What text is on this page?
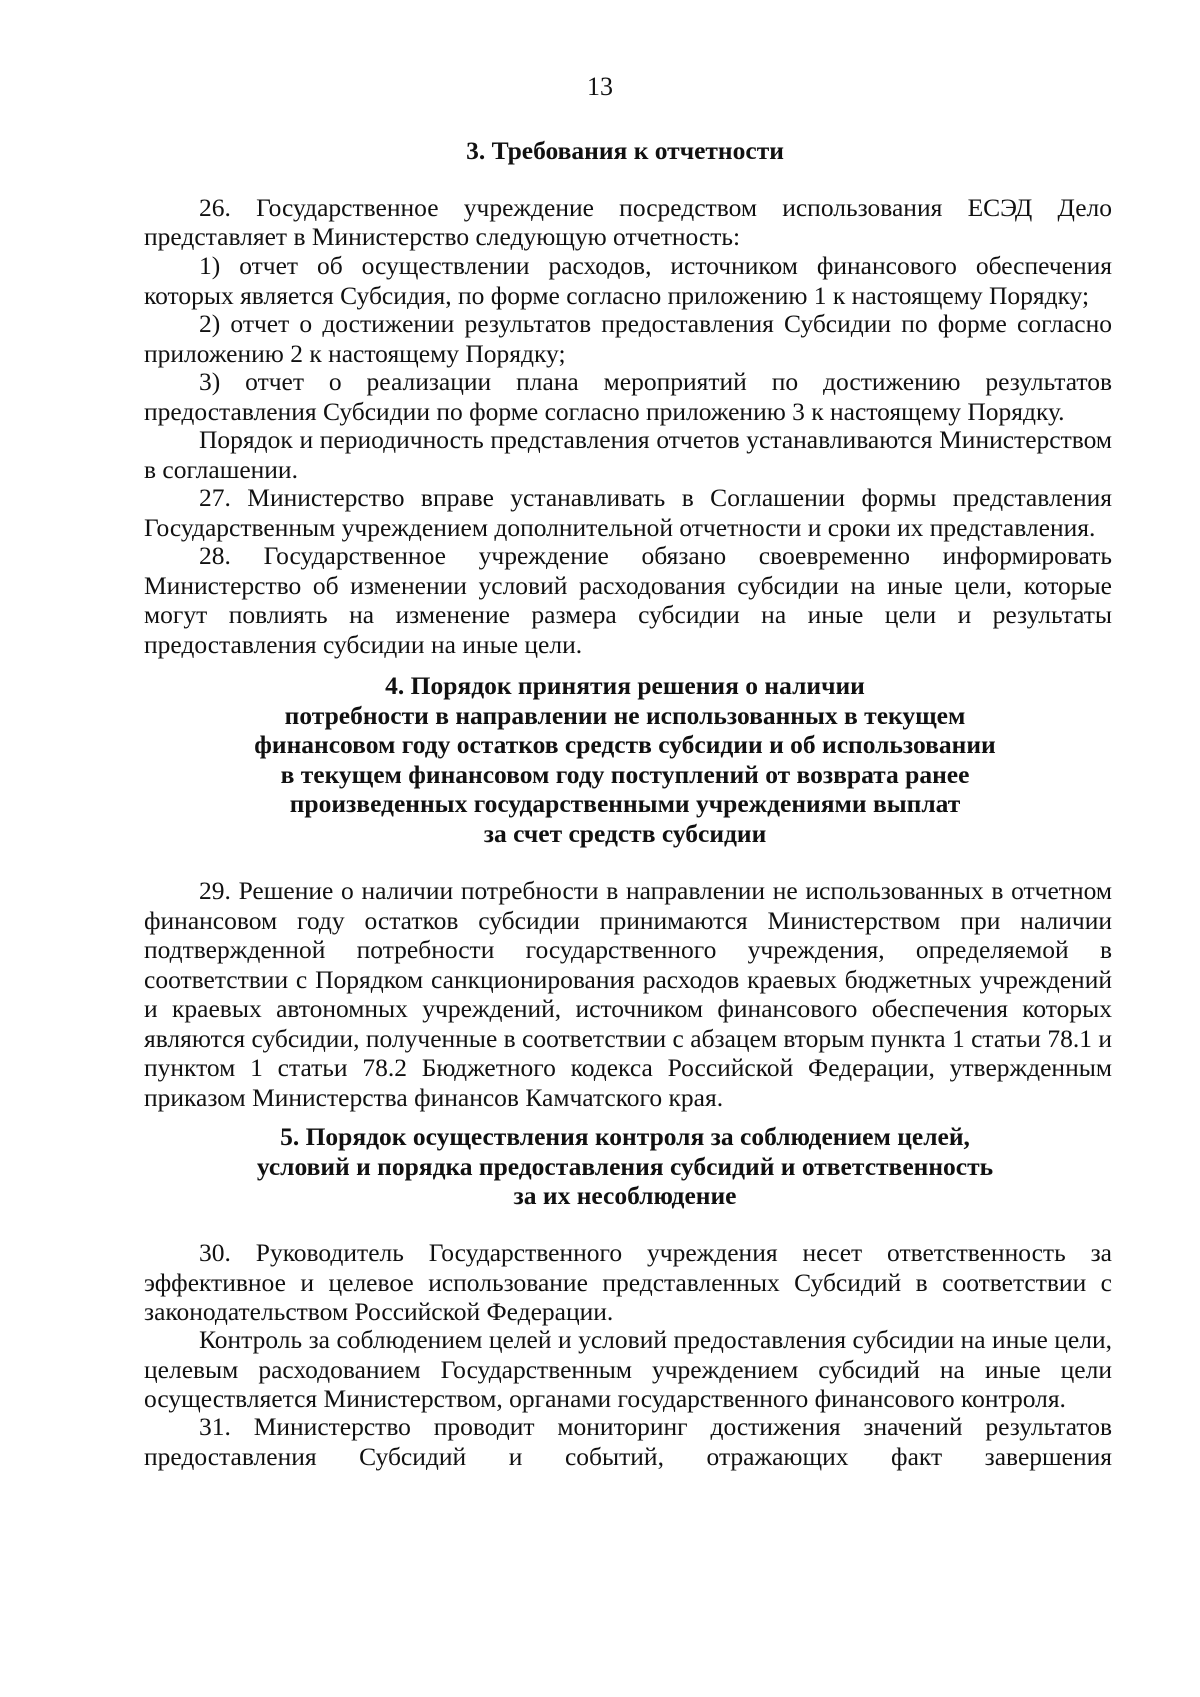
13
3. Требования к отчетности
26. Государственное учреждение посредством использования ЕСЭД Дело
представляет в Министерство следующую отчетность:
1) отчет об осуществлении расходов, источником финансового обеспечения которых является Субсидия, по форме согласно приложению 1 к настоящему Порядку;
2) отчет о достижении результатов предоставления Субсидии по форме согласно приложению 2 к настоящему Порядку;
3) отчет о реализации плана мероприятий по достижению результатов предоставления Субсидии по форме согласно приложению 3 к настоящему Порядку.
Порядок и периодичность представления отчетов устанавливаются Министерством в соглашении.
27. Министерство вправе устанавливать в Соглашении формы представления Государственным учреждением дополнительной отчетности и сроки их представления.
28. Государственное учреждение обязано своевременно информировать Министерство об изменении условий расходования субсидии на иные цели, которые могут повлиять на изменение размера субсидии на иные цели и результаты предоставления субсидии на иные цели.
4. Порядок принятия решения о наличии
потребности в направлении не использованных в текущем
финансовом году остатков средств субсидии и об использовании
в текущем финансовом году поступлений от возврата ранее
произведенных государственными учреждениями выплат
за счет средств субсидии
29. Решение о наличии потребности в направлении не использованных в отчетном финансовом году остатков субсидии принимаются Министерством при наличии подтвержденной потребности государственного учреждения, определяемой в соответствии с Порядком санкционирования расходов краевых бюджетных учреждений и краевых автономных учреждений, источником финансового обеспечения которых являются субсидии, полученные в соответствии с абзацем вторым пункта 1 статьи 78.1 и пунктом 1 статьи 78.2 Бюджетного кодекса Российской Федерации, утвержденным приказом Министерства финансов Камчатского края.
5. Порядок осуществления контроля за соблюдением целей,
условий и порядка предоставления субсидий и ответственность
за их несоблюдение
30. Руководитель Государственного учреждения несет ответственность за эффективное и целевое использование представленных Субсидий в соответствии с законодательством Российской Федерации.
Контроль за соблюдением целей и условий предоставления субсидии на иные цели, целевым расходованием Государственным учреждением субсидий на иные цели осуществляется Министерством, органами государственного финансового контроля.
31. Министерство проводит мониторинг достижения значений результатов предоставления Субсидий и событий, отражающих факт завершения
